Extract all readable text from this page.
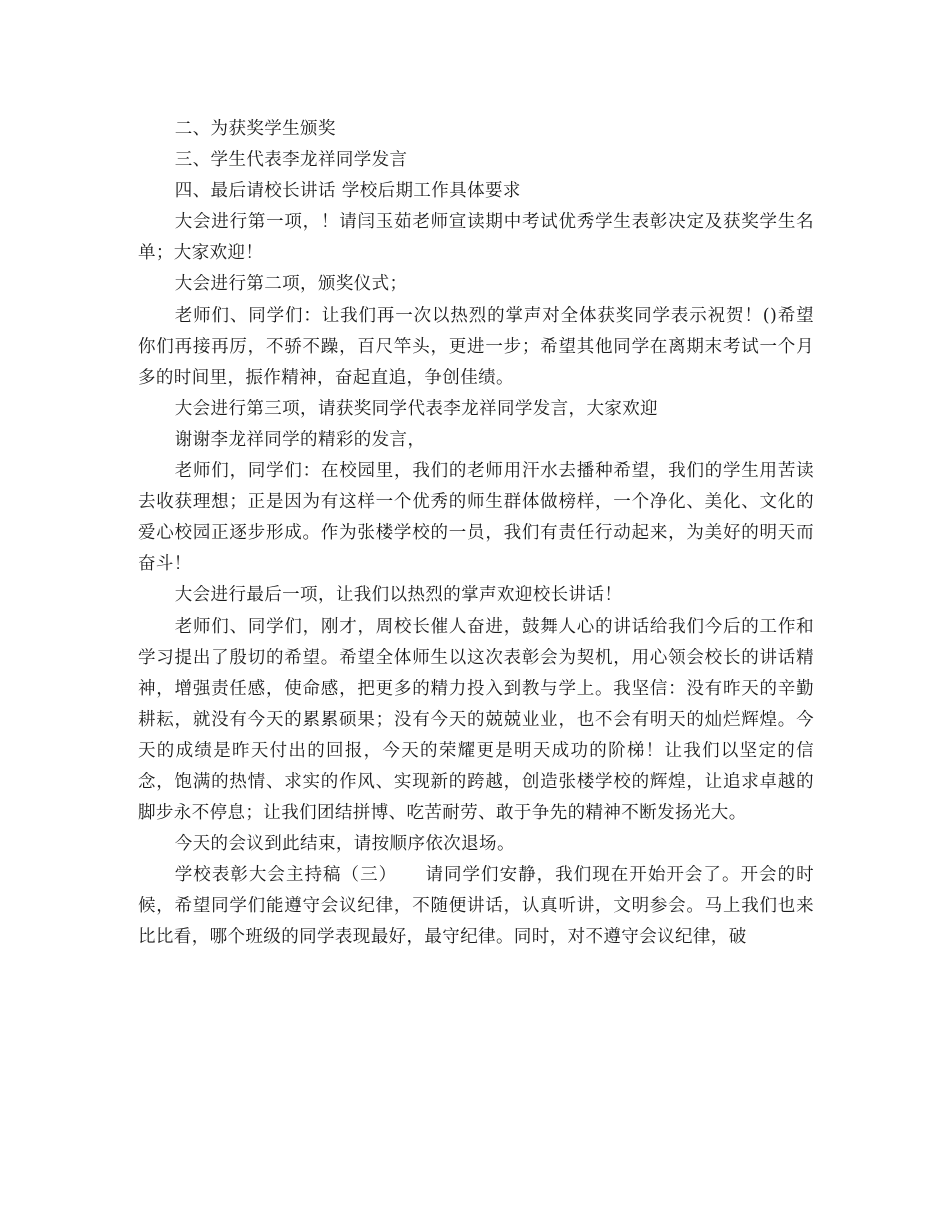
二、为获奖学生颁奖

三、学生代表李龙祥同学发言

四、最后请校长讲话 学校后期工作具体要求

大会进行第一项，！请闫玉茹老师宣读期中考试优秀学生表彰决定及获奖学生名单；大家欢迎！

大会进行第二项，颁奖仪式；

老师们、同学们：让我们再一次以热烈的掌声对全体获奖同学表示祝贺！()希望你们再接再厉，不骄不躁，百尺竿头，更进一步；希望其他同学在离期末考试一个月多的时间里，振作精神，奋起直追，争创佳绩。

大会进行第三项，请获奖同学代表李龙祥同学发言，大家欢迎

谢谢李龙祥同学的精彩的发言，

老师们，同学们：在校园里，我们的老师用汗水去播种希望，我们的学生用苦读去收获理想；正是因为有这样一个优秀的师生群体做榜样，一个净化、美化、文化的爱心校园正逐步形成。作为张楼学校的一员，我们有责任行动起来，为美好的明天而奋斗！

大会进行最后一项，让我们以热烈的掌声欢迎校长讲话！

老师们、同学们，刚才，周校长催人奋进，鼓舞人心的讲话给我们今后的工作和学习提出了殷切的希望。希望全体师生以这次表彰会为契机，用心领会校长的讲话精神，增强责任感，使命感，把更多的精力投入到教与学上。我坚信：没有昨天的辛勤耕耘，就没有今天的累累硕果；没有今天的兢兢业业，也不会有明天的灿烂辉煌。今天的成绩是昨天付出的回报，今天的荣耀更是明天成功的阶梯！让我们以坚定的信念，饱满的热情、求实的作风、实现新的跨越，创造张楼学校的辉煌，让追求卓越的脚步永不停息；让我们团结拼博、吃苦耐劳、敢于争先的精神不断发扬光大。

今天的会议到此结束，请按顺序依次退场。

学校表彰大会主持稿（三）　　请同学们安静，我们现在开始开会了。开会的时候，希望同学们能遵守会议纪律，不随便讲话，认真听讲，文明参会。马上我们也来比比看，哪个班级的同学表现最好，最守纪律。同时，对不遵守会议纪律，破
